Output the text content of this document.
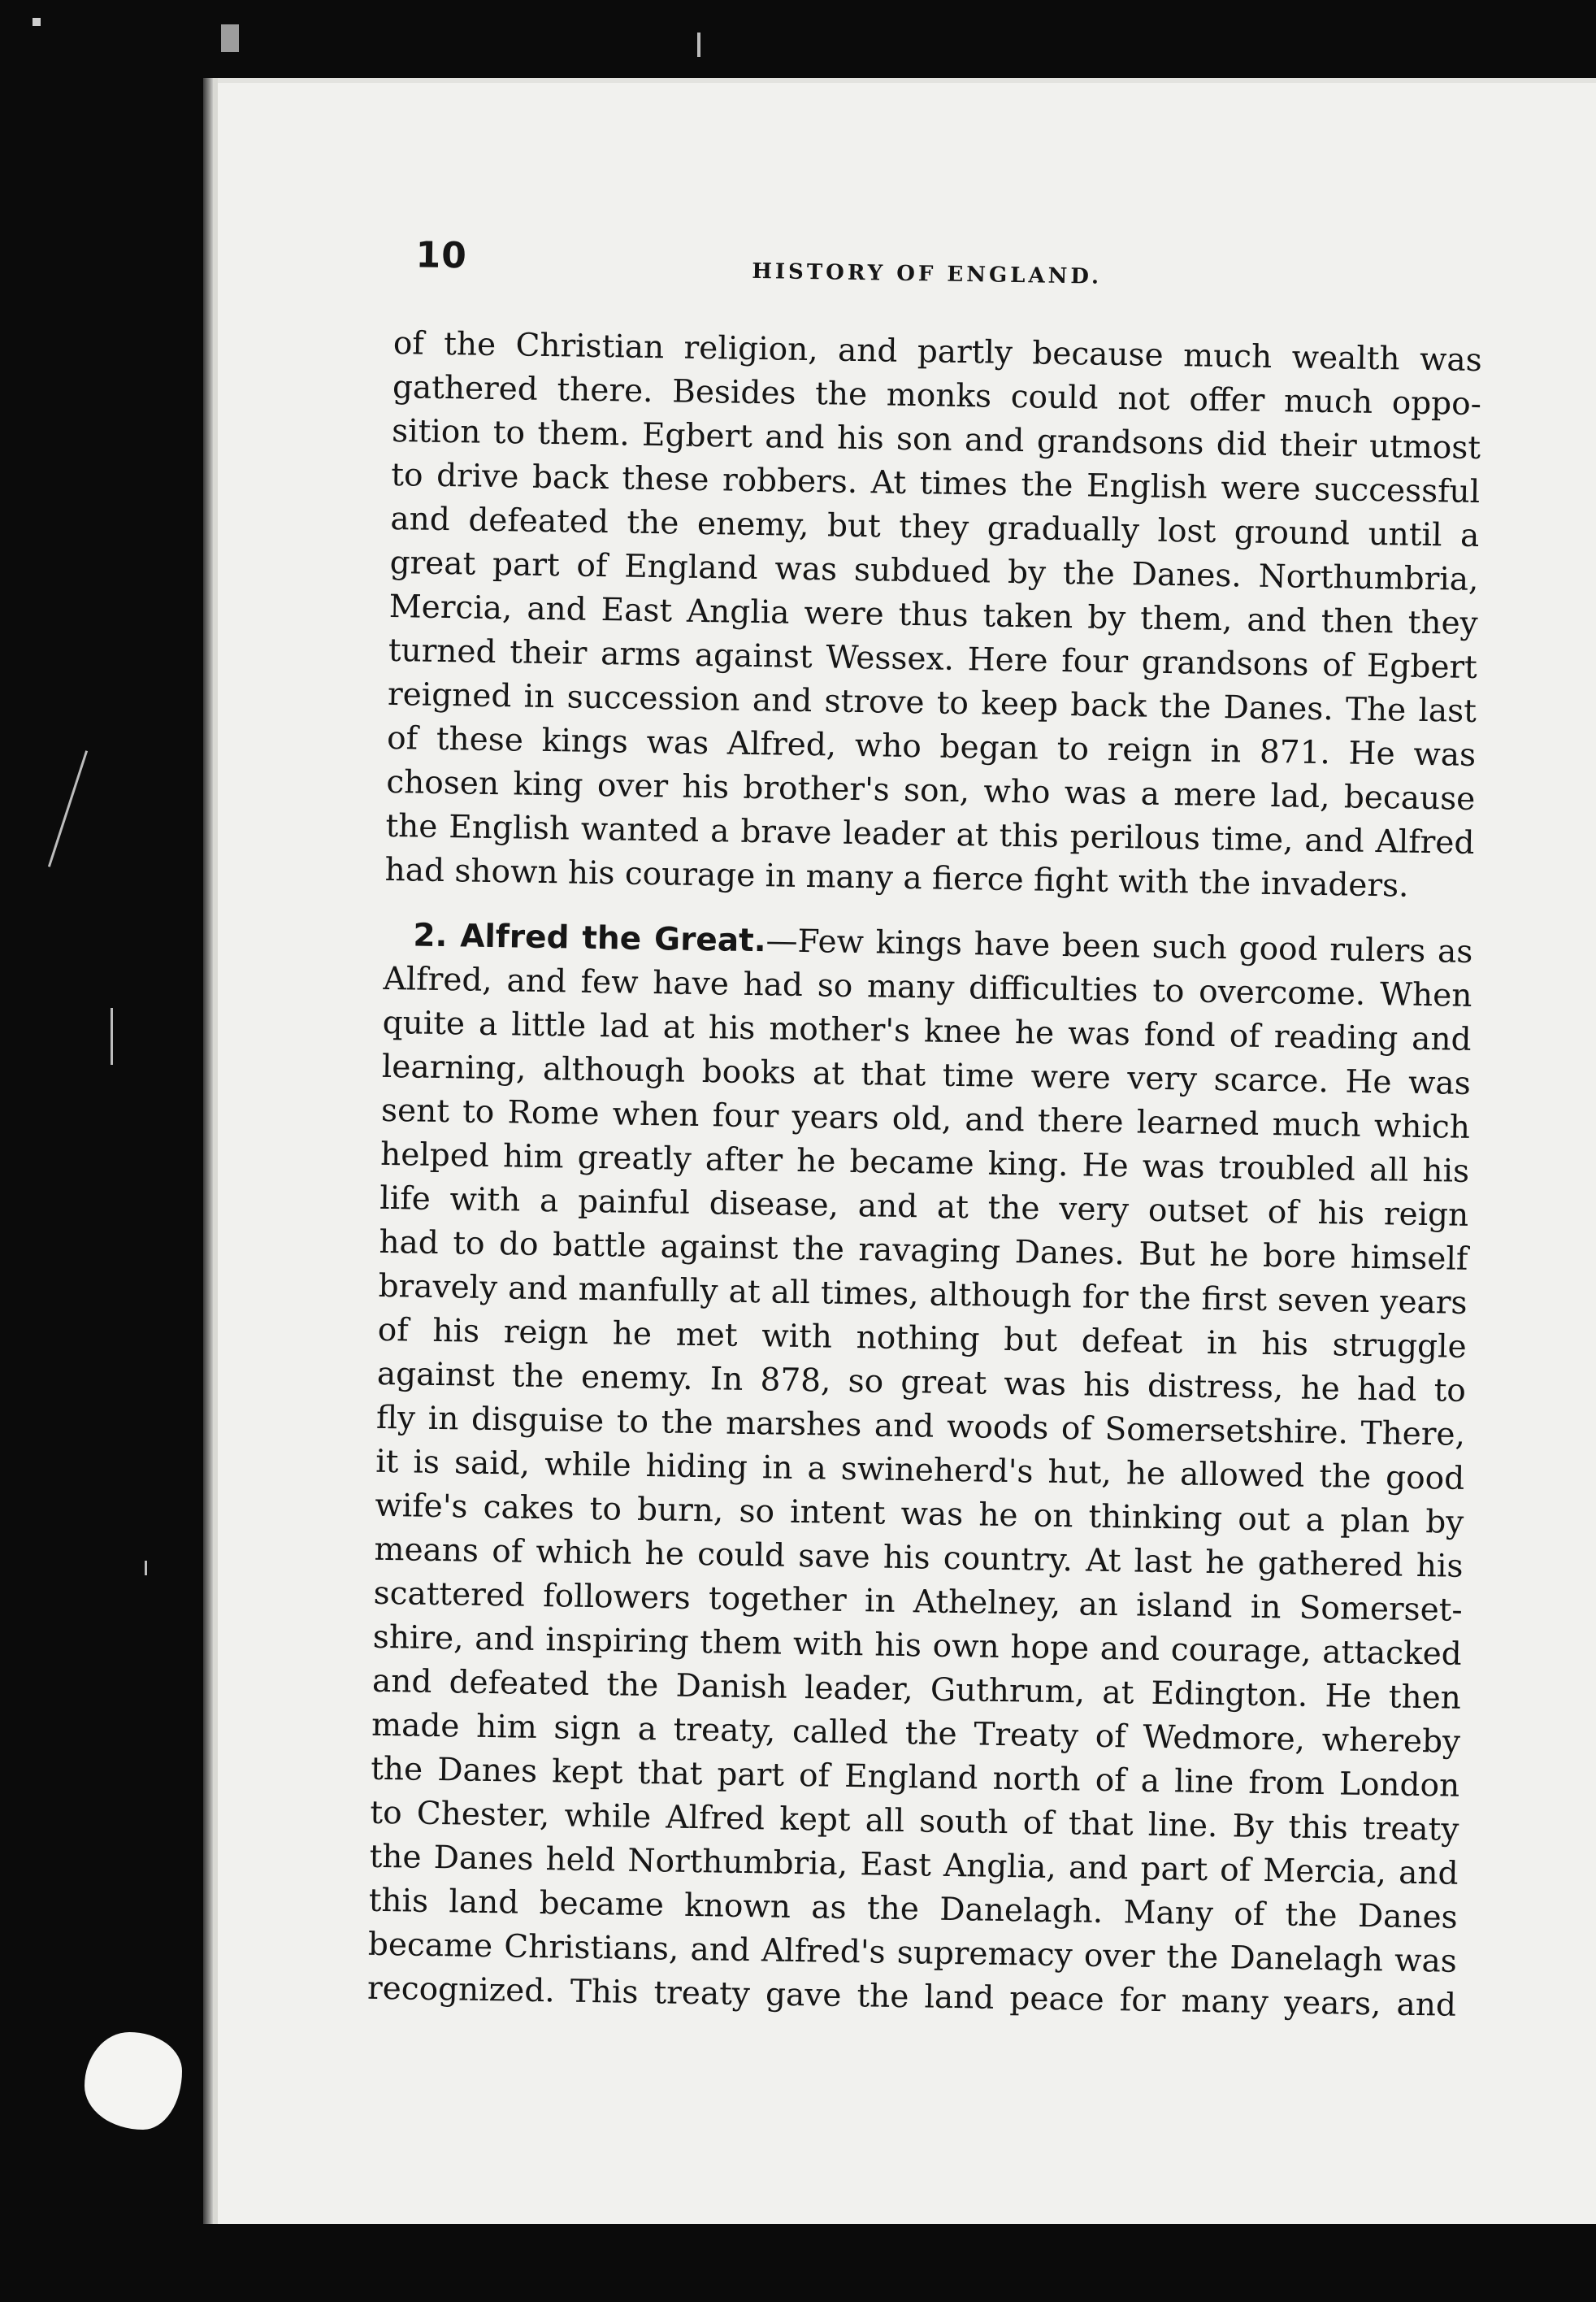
10	HISTORY OF ENGLAND.
of the Christian religion, and partly because much wealth was
gathered there. Besides the monks could not offer much oppo-
sition to them. Egbert and his son and grandsons did their utmost
to drive back these robbers. At times the English were successful
and defeated the enemy, but they gradually lost ground until a
great part of England was subdued by the Danes. Northumbria,
Mercia, and East Anglia were thus taken by them, and then they
turned their arms against Wessex. Here four grandsons of Egbert
reigned in succession and strove to keep back the Danes. The last
of these kings was Alfred, who began to reign in 871. He was
chosen king over his brother's son, who was a mere lad, because
the English wanted a brave leader at this perilous time, and Alfred
had shown his courage in many a fierce fight with the invaders.
2. Alfred the Great.—Few kings have been such good rulers as
Alfred, and few have had so many difficulties to overcome. When
quite a little lad at his mother's knee he was fond of reading and
learning, although books at that time were very scarce. He was
sent to Rome when four years old, and there learned much which
helped him greatly after he became king. He was troubled all his
life with a painful disease, and at the very outset of his reign
had to do battle against the ravaging Danes. But he bore himself
bravely and manfully at all times, although for the first seven years
of his reign he met with nothing but defeat in his struggle
against the enemy. In 878, so great was his distress, he had to
fly in disguise to the marshes and woods of Somersetshire. There,
it is said, while hiding in a swineherd's hut, he allowed the good
wife's cakes to burn, so intent was he on thinking out a plan by
means of which he could save his country. At last he gathered his
scattered followers together in Athelney, an island in Somerset-
shire, and inspiring them with his own hope and courage, attacked
and defeated the Danish leader, Guthrum, at Edington. He then
made him sign a treaty, called the Treaty of Wedmore, whereby
the Danes kept that part of England north of a line from London
to Chester, while Alfred kept all south of that line. By this treaty
the Danes held Northumbria, East Anglia, and part of Mercia, and
this land became known as the Danelagh. Many of the Danes
became Christians, and Alfred's supremacy over the Danelagh was
recognized. This treaty gave the land peace for many years, and
